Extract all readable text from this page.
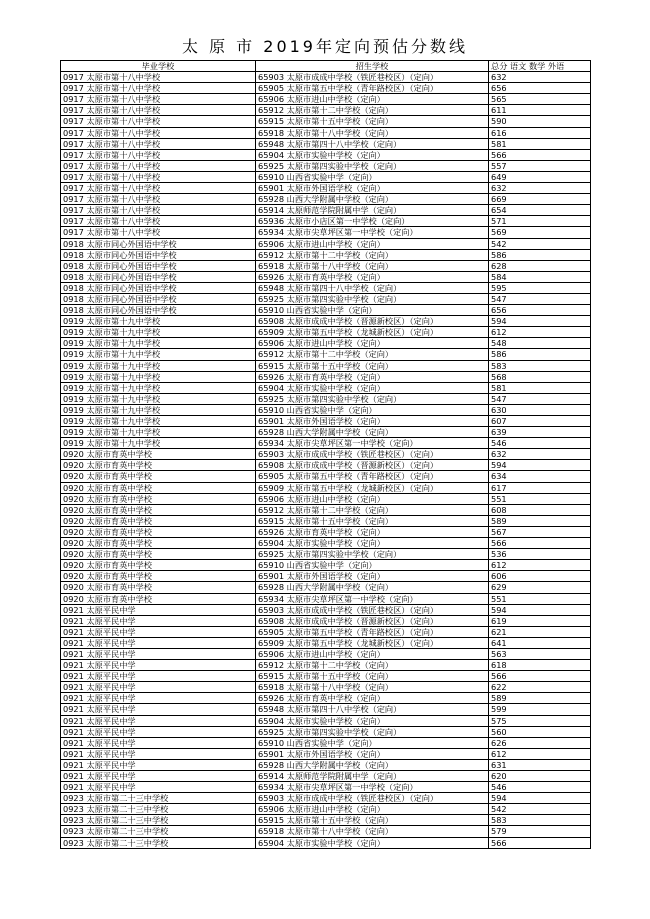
太 原 市 2019年定向预估分数线
毕业学校	招生学校	总分 语文 数学 外语
0917 太原市第十八中学校	65903 太原市成成中学校（铁匠巷校区）（定向）	632
0917 太原市第十八中学校	65905 太原市第五中学校（青年路校区）（定向）	656
0917 太原市第十八中学校	65906 太原市进山中学校（定向）	565
0917 太原市第十八中学校	65912 太原市第十二中学校（定向）	611
0917 太原市第十八中学校	65915 太原市第十五中学校（定向）	590
0917 太原市第十八中学校	65918 太原市第十八中学校（定向）	616
0917 太原市第十八中学校	65948 太原市第四十八中学校（定向）	581
0917 太原市第十八中学校	65904 太原市实验中学校（定向）	566
0917 太原市第十八中学校	65925 太原市第四实验中学校（定向）	557
0917 太原市第十八中学校	65910 山西省实验中学（定向）	649
0917 太原市第十八中学校	65901 太原市外国语学校（定向）	632
0917 太原市第十八中学校	65928 山西大学附属中学校（定向）	669
0917 太原市第十八中学校	65914 太原师范学院附属中学（定向）	654
0917 太原市第十八中学校	65936 太原市小店区第一中学校（定向）	571
0917 太原市第十八中学校	65934 太原市尖草坪区第一中学校（定向）	569
0918 太原市同心外国语中学校	65906 太原市进山中学校（定向）	542
0918 太原市同心外国语中学校	65912 太原市第十二中学校（定向）	586
0918 太原市同心外国语中学校	65918 太原市第十八中学校（定向）	628
0918 太原市同心外国语中学校	65926 太原市育英中学校（定向）	584
0918 太原市同心外国语中学校	65948 太原市第四十八中学校（定向）	595
0918 太原市同心外国语中学校	65925 太原市第四实验中学校（定向）	547
0918 太原市同心外国语中学校	65910 山西省实验中学（定向）	656
0919 太原市第十九中学校	65908 太原市成成中学校（晋源新校区）（定向）	594
0919 太原市第十九中学校	65909 太原市第五中学校（龙城新校区）（定向）	612
0919 太原市第十九中学校	65906 太原市进山中学校（定向）	548
0919 太原市第十九中学校	65912 太原市第十二中学校（定向）	586
0919 太原市第十九中学校	65915 太原市第十五中学校（定向）	583
0919 太原市第十九中学校	65926 太原市育英中学校（定向）	568
0919 太原市第十九中学校	65904 太原市实验中学校（定向）	581
0919 太原市第十九中学校	65925 太原市第四实验中学校（定向）	547
0919 太原市第十九中学校	65910 山西省实验中学（定向）	630
0919 太原市第十九中学校	65901 太原市外国语学校（定向）	607
0919 太原市第十九中学校	65928 山西大学附属中学校（定向）	639
0919 太原市第十九中学校	65934 太原市尖草坪区第一中学校（定向）	546
0920 太原市育英中学校	65903 太原市成成中学校（铁匠巷校区）（定向）	632
0920 太原市育英中学校	65908 太原市成成中学校（晋源新校区）（定向）	594
0920 太原市育英中学校	65905 太原市第五中学校（青年路校区）（定向）	634
0920 太原市育英中学校	65909 太原市第五中学校（龙城新校区）（定向）	617
0920 太原市育英中学校	65906 太原市进山中学校（定向）	551
0920 太原市育英中学校	65912 太原市第十二中学校（定向）	608
0920 太原市育英中学校	65915 太原市第十五中学校（定向）	589
0920 太原市育英中学校	65926 太原市育英中学校（定向）	567
0920 太原市育英中学校	65904 太原市实验中学校（定向）	566
0920 太原市育英中学校	65925 太原市第四实验中学校（定向）	536
0920 太原市育英中学校	65910 山西省实验中学（定向）	612
0920 太原市育英中学校	65901 太原市外国语学校（定向）	606
0920 太原市育英中学校	65928 山西大学附属中学校（定向）	629
0920 太原市育英中学校	65934 太原市尖草坪区第一中学校（定向）	551
0921 太原平民中学	65903 太原市成成中学校（铁匠巷校区）（定向）	594
0921 太原平民中学	65908 太原市成成中学校（晋源新校区）（定向）	619
0921 太原平民中学	65905 太原市第五中学校（青年路校区）（定向）	621
0921 太原平民中学	65909 太原市第五中学校（龙城新校区）（定向）	641
0921 太原平民中学	65906 太原市进山中学校（定向）	563
0921 太原平民中学	65912 太原市第十二中学校（定向）	618
0921 太原平民中学	65915 太原市第十五中学校（定向）	566
0921 太原平民中学	65918 太原市第十八中学校（定向）	622
0921 太原平民中学	65926 太原市育英中学校（定向）	589
0921 太原平民中学	65948 太原市第四十八中学校（定向）	599
0921 太原平民中学	65904 太原市实验中学校（定向）	575
0921 太原平民中学	65925 太原市第四实验中学校（定向）	560
0921 太原平民中学	65910 山西省实验中学（定向）	626
0921 太原平民中学	65901 太原市外国语学校（定向）	612
0921 太原平民中学	65928 山西大学附属中学校（定向）	631
0921 太原平民中学	65914 太原师范学院附属中学（定向）	620
0921 太原平民中学	65934 太原市尖草坪区第一中学校（定向）	546
0923 太原市第二十三中学校	65903 太原市成成中学校（铁匠巷校区）（定向）	594
0923 太原市第二十三中学校	65906 太原市进山中学校（定向）	542
0923 太原市第二十三中学校	65915 太原市第十五中学校（定向）	583
0923 太原市第二十三中学校	65918 太原市第十八中学校（定向）	579
0923 太原市第二十三中学校	65904 太原市实验中学校（定向）	566
